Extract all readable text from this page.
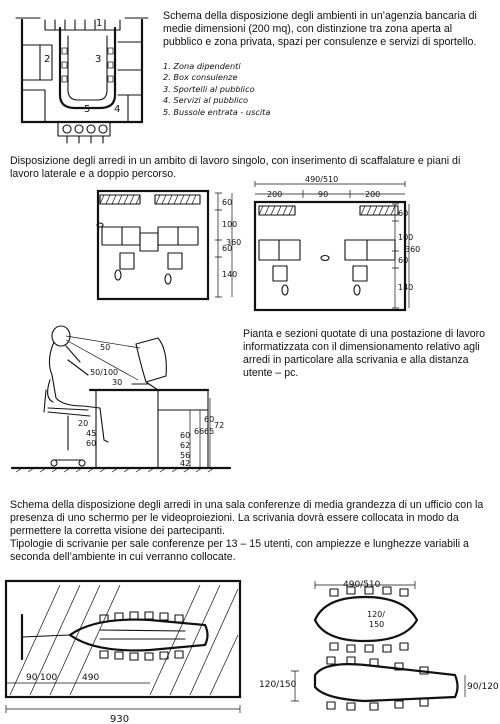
Schema della disposizione degli ambienti in un’agenzia bancaria di medie dimensioni (200 mq), con distinzione tra zona aperta al pubblico e zona privata, spazi per consulenze e servizi di sportello.

1. Zona dipendenti
2. Box consulenze
3. Sportelli al pubblico
4. Servizi al pubblico
5. Bussole entrata - uscita
1
2	3
5 4

Disposizione degli arredi in un ambito di lavoro singolo, con inserimento di scaffalature e piani di lavoro laterale e a doppio percorso.

60
100
60
140
360
490/510
200	90	200
60
100
60
140
360
50
50/100
30
20
45
60
60
66 65
72
60
62
56
42

Pianta e sezioni quotate di una postazione di lavoro informatizzata con il dimensionamento relativo agli arredi in particolare alla scrivania e alla distanza utente – pc.

Schema della disposizione degli arredi in una sala conferenze di media grandezza di un ufficio con la presenza di uno schermo per le videoproiezioni. La scrivania dovrà essere collocata in modo da permettere la corretta visione dei partecipanti.

Tipologie di scrivanie per sale conferenze per 13 – 15 utenti, con ampiezze e lunghezze variabili a seconda dell’ambiente in cui verranno collocate.

90 100	490
930
490/510
120/
150
120/150	90/120
